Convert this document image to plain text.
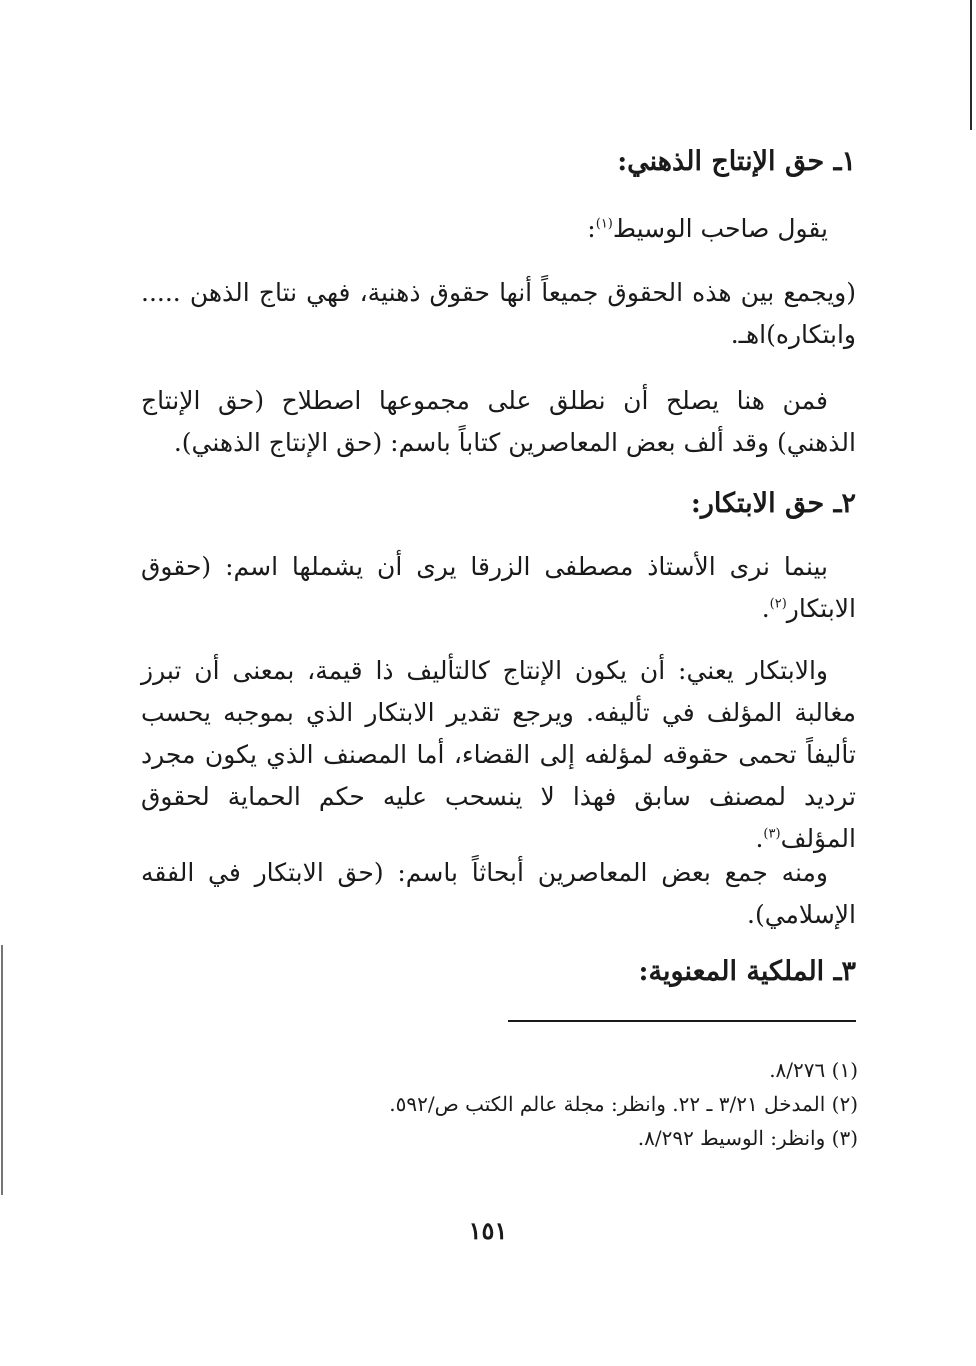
١ـ حق الإنتاج الذهني:
يقول صاحب الوسيط$^{(١)}$:
(ويجمع بين هذه الحقوق جميعاً أنها حقوق ذهنية، فهي نتاج الذهن ..... وابتكاره)اهـ.
فمن هنا يصلح أن نطلق على مجموعها اصطلاح (حق الإنتاج الذهني) وقد ألف بعض المعاصرين كتاباً باسم: (حق الإنتاج الذهني).
٢ـ حق الابتكار:
بينما نرى الأستاذ مصطفى الزرقا يرى أن يشملها اسم: (حقوق الابتكار$^{(٢)}$.
والابتكار يعني: أن يكون الإنتاج كالتأليف ذا قيمة، بمعنى أن تبرز مغالبة المؤلف في تأليفه. ويرجع تقدير الابتكار الذي بموجبه يحسب تأليفاً تحمى حقوقه لمؤلفه إلى القضاء، أما المصنف الذي يكون مجرد ترديد لمصنف سابق فهذا لا ينسحب عليه حكم الحماية لحقوق المؤلف$^{(٣)}$.
ومنه جمع بعض المعاصرين أبحاثاً باسم: (حق الابتكار في الفقه الإسلامي).
٣ـ الملكية المعنوية:
(١) ٨/٢٧٦.
(٢) المدخل ٣/٢١ ـ ٢٢. وانظر: مجلة عالم الكتب ص/٥٩٢.
(٣) وانظر: الوسيط ٨/٢٩٢.
١٥١
